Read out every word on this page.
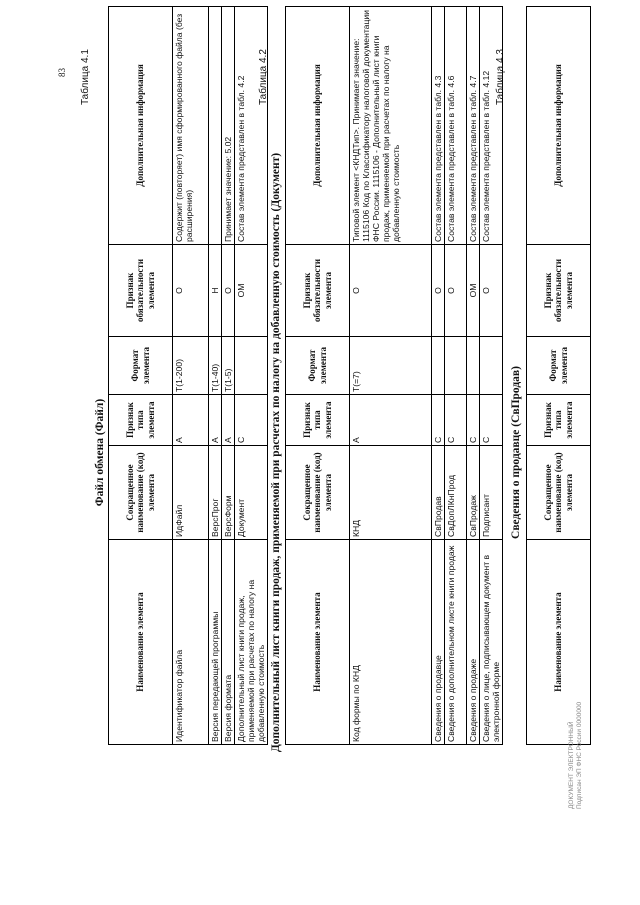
83 Таблица 4.1
Файл обмена (Файл)
Наименование элемента	Сокращенное наименование (код) элемента	Признак типа элемента	Формат элемента	Признак обязательности элемента	Дополнительная информация
Идентификатор файла	ИдФайл	А	Т(1-200)	О	Содержит (повторяет) имя сформированного файла (без расширения)
Версия передающей программы	ВерсПрог	А	Т(1-40)	Н	
Версия формата	ВерсФорм	А	Т(1-5)	О	Принимает значение: 5.02
Дополнительный лист книги продаж, применяемой при расчетах по налогу на добавленную стоимость	Документ	С		ОМ	Состав элемента представлен в табл. 4.2 Таблица 4.2
Дополнительный лист книги продаж, применяемой при расчетах по налогу на добавленную стоимость (Документ)	Наименование элемента	Сокращенное наименование (код) элемента	Признак типа элемента	Формат элемента	Признак обязательности элемента	Дополнительная информация
Код формы по КНД	КНД	А	Т(=7)	О	Типовой элемент <КНДТип>. Принимает значение: 1115106 Код по Классификатору налоговой документации ФНС России. 1115106 - Дополнительный лист книги продаж, применяемой при расчетах по налогу на добавленную стоимость
Сведения о продавце	СвПродав	С		О	Состав элемента представлен в табл. 4.3
Сведения о дополнительном листе книги продаж	СвДопЛКнПрод	С		О	Состав элемента представлен в табл. 4.6
Сведения о продаже	СвПродаж	С		ОМ	Состав элемента представлен в табл. 4.7
Сведения о лице, подписывающем документ в электронной форме	Подписант	С		О	Состав элемента представлен в табл. 4.12 Таблица 4.3
Сведения о продавце (СвПродав)
Наименование элемента	Сокращенное наименование (код) элемента	Признак типа элемента	Формат элемента	Признак обязательности элемента	Дополнительная информация
ДОКУМЕНТ ЭЛЕКТРОННЫЙ Подписан ЭП ФНС России 0000000
